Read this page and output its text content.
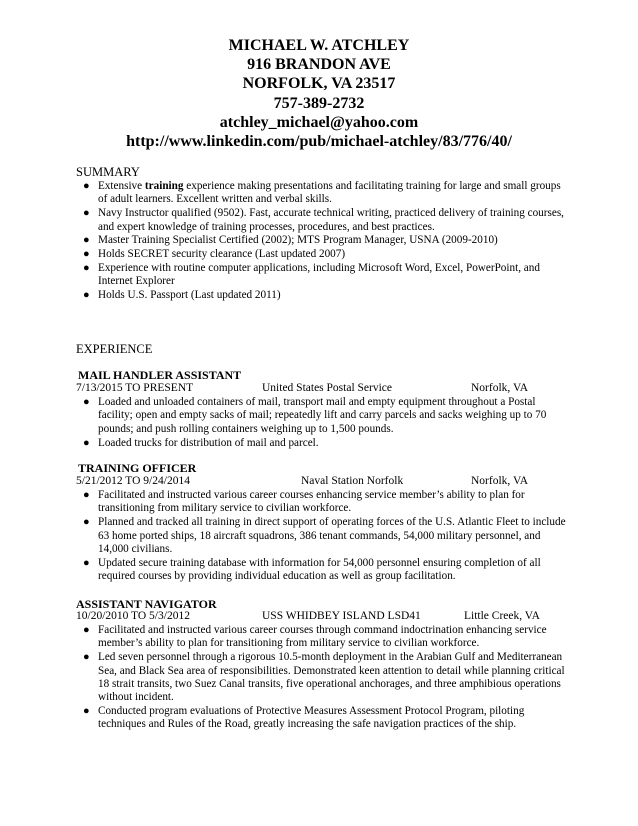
MICHAEL W. ATCHLEY
916 BRANDON AVE
NORFOLK, VA 23517
757-389-2732
atchley_michael@yahoo.com
http://www.linkedin.com/pub/michael-atchley/83/776/40/
SUMMARY
● Extensive training experience making presentations and facilitating training for large and small groups of adult learners. Excellent written and verbal skills.
● Navy Instructor qualified (9502). Fast, accurate technical writing, practiced delivery of training courses, and expert knowledge of training processes, procedures, and best practices.
● Master Training Specialist Certified (2002); MTS Program Manager, USNA (2009-2010)
● Holds SECRET security clearance (Last updated 2007)
● Experience with routine computer applications, including Microsoft Word, Excel, PowerPoint, and Internet Explorer
● Holds U.S. Passport (Last updated 2011)
EXPERIENCE
MAIL HANDLER ASSISTANT
7/13/2015 TO PRESENT	United States Postal Service	Norfolk, VA
● Loaded and unloaded containers of mail, transport mail and empty equipment throughout a Postal facility; open and empty sacks of mail; repeatedly lift and carry parcels and sacks weighing up to 70 pounds; and push rolling containers weighing up to 1,500 pounds.
● Loaded trucks for distribution of mail and parcel.
TRAINING OFFICER
5/21/2012 TO 9/24/2014	Naval Station Norfolk	Norfolk, VA
● Facilitated and instructed various career courses enhancing service member’s ability to plan for transitioning from military service to civilian workforce.
● Planned and tracked all training in direct support of operating forces of the U.S. Atlantic Fleet to include 63 home ported ships, 18 aircraft squadrons, 386 tenant commands, 54,000 military personnel, and 14,000 civilians.
● Updated secure training database with information for 54,000 personnel ensuring completion of all required courses by providing individual education as well as group facilitation.
ASSISTANT NAVIGATOR
10/20/2010 TO 5/3/2012	USS WHIDBEY ISLAND LSD41	Little Creek, VA
● Facilitated and instructed various career courses through command indoctrination enhancing service member’s ability to plan for transitioning from military service to civilian workforce.
● Led seven personnel through a rigorous 10.5-month deployment in the Arabian Gulf and Mediterranean Sea, and Black Sea area of responsibilities. Demonstrated keen attention to detail while planning critical 18 strait transits, two Suez Canal transits, five operational anchorages, and three amphibious operations without incident.
● Conducted program evaluations of Protective Measures Assessment Protocol Program, piloting techniques and Rules of the Road, greatly increasing the safe navigation practices of the ship.
